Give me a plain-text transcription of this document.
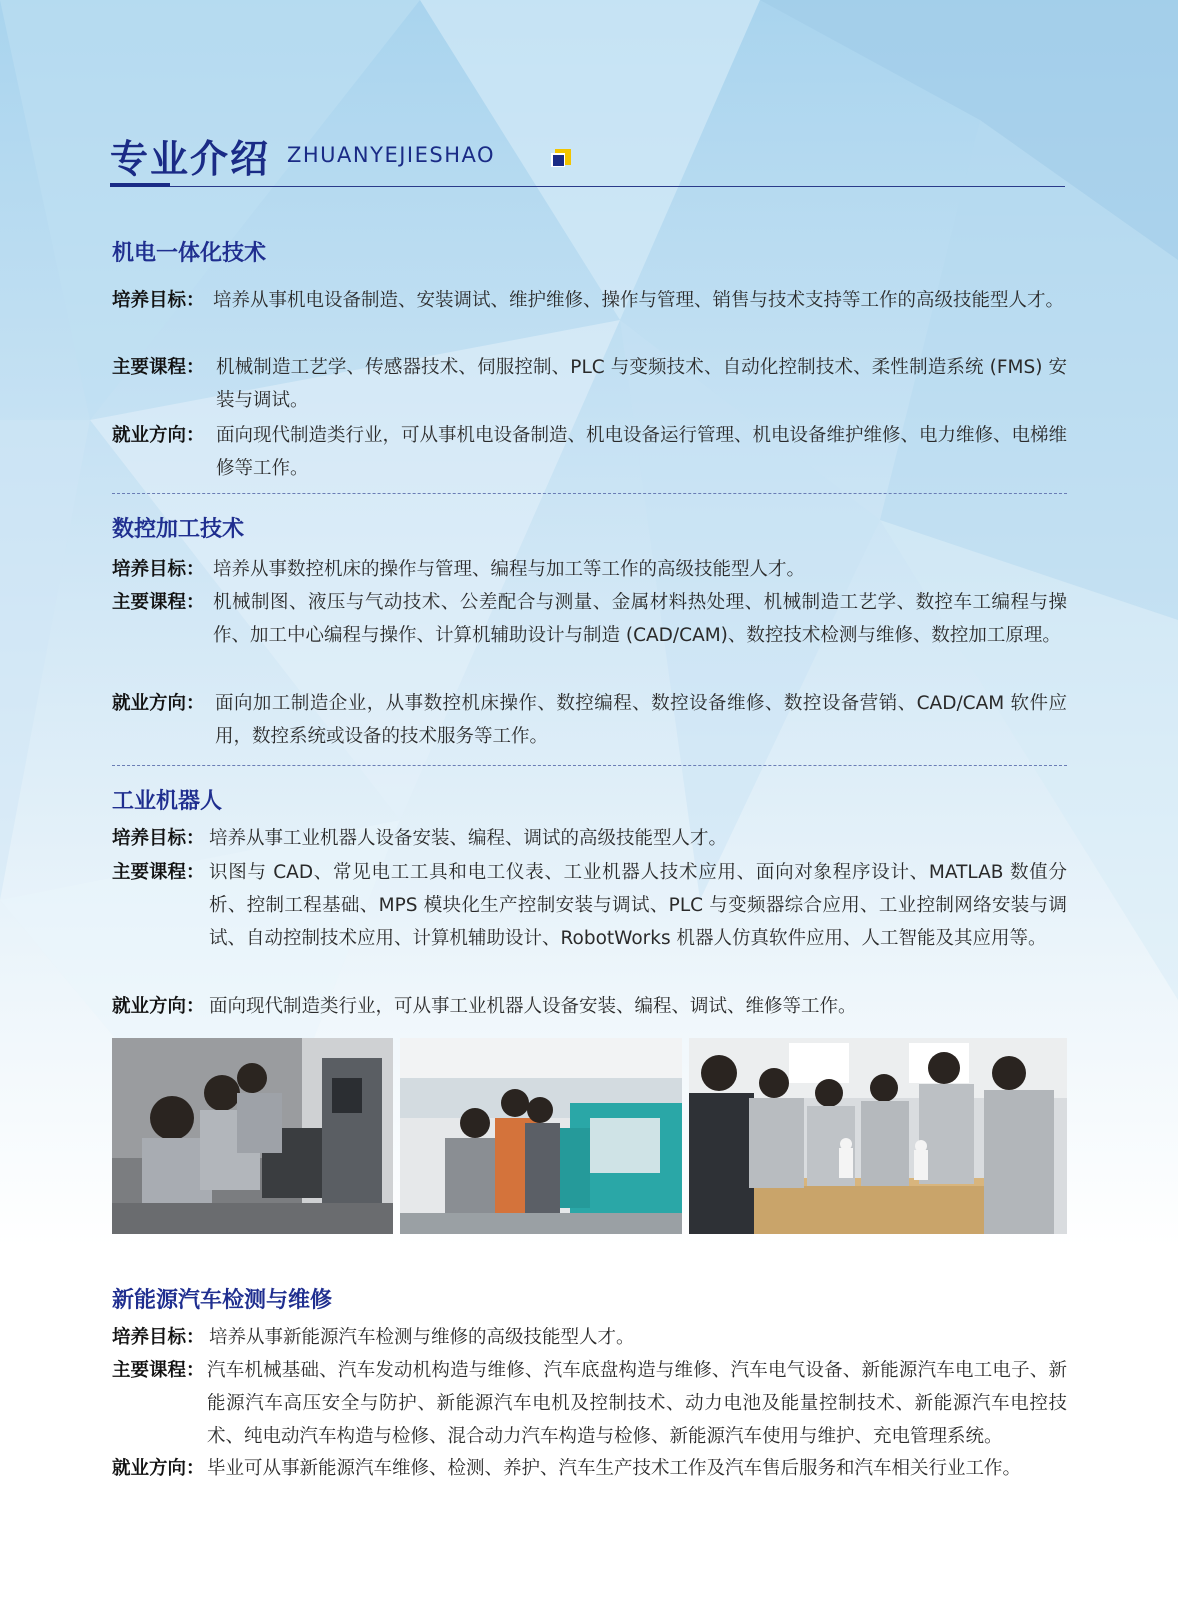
专业介绍 ZHUANYEJIESHAO
机电一体化技术
培养目标： 培养从事机电设备制造、安装调试、维护维修、操作与管理、销售与技术支持等工作的高级技能型人才。
主要课程： 机械制造工艺学、传感器技术、伺服控制、PLC 与变频技术、自动化控制技术、柔性制造系统 (FMS) 安装与调试。
就业方向： 面向现代制造类行业，可从事机电设备制造、机电设备运行管理、机电设备维护维修、电力维修、电梯维修等工作。
数控加工技术
培养目标： 培养从事数控机床的操作与管理、编程与加工等工作的高级技能型人才。
主要课程： 机械制图、液压与气动技术、公差配合与测量、金属材料热处理、机械制造工艺学、数控车工编程与操作、加工中心编程与操作、计算机辅助设计与制造 (CAD/CAM)、数控技术检测与维修、数控加工原理。
就业方向： 面向加工制造企业，从事数控机床操作、数控编程、数控设备维修、数控设备营销、CAD/CAM 软件应用，数控系统或设备的技术服务等工作。
工业机器人
培养目标： 培养从事工业机器人设备安装、编程、调试的高级技能型人才。
主要课程： 识图与 CAD、常见电工工具和电工仪表、工业机器人技术应用、面向对象程序设计、MATLAB 数值分析、控制工程基础、MPS 模块化生产控制安装与调试、PLC 与变频器综合应用、工业控制网络安装与调试、自动控制技术应用、计算机辅助设计、RobotWorks 机器人仿真软件应用、人工智能及其应用等。
就业方向： 面向现代制造类行业，可从事工业机器人设备安装、编程、调试、维修等工作。
新能源汽车检测与维修
培养目标： 培养从事新能源汽车检测与维修的高级技能型人才。
主要课程： 汽车机械基础、汽车发动机构造与维修、汽车底盘构造与维修、汽车电气设备、新能源汽车电工电子、新能源汽车高压安全与防护、新能源汽车电机及控制技术、动力电池及能量控制技术、新能源汽车电控技术、纯电动汽车构造与检修、混合动力汽车构造与检修、新能源汽车使用与维护、充电管理系统。
就业方向： 毕业可从事新能源汽车维修、检测、养护、汽车生产技术工作及汽车售后服务和汽车相关行业工作。
